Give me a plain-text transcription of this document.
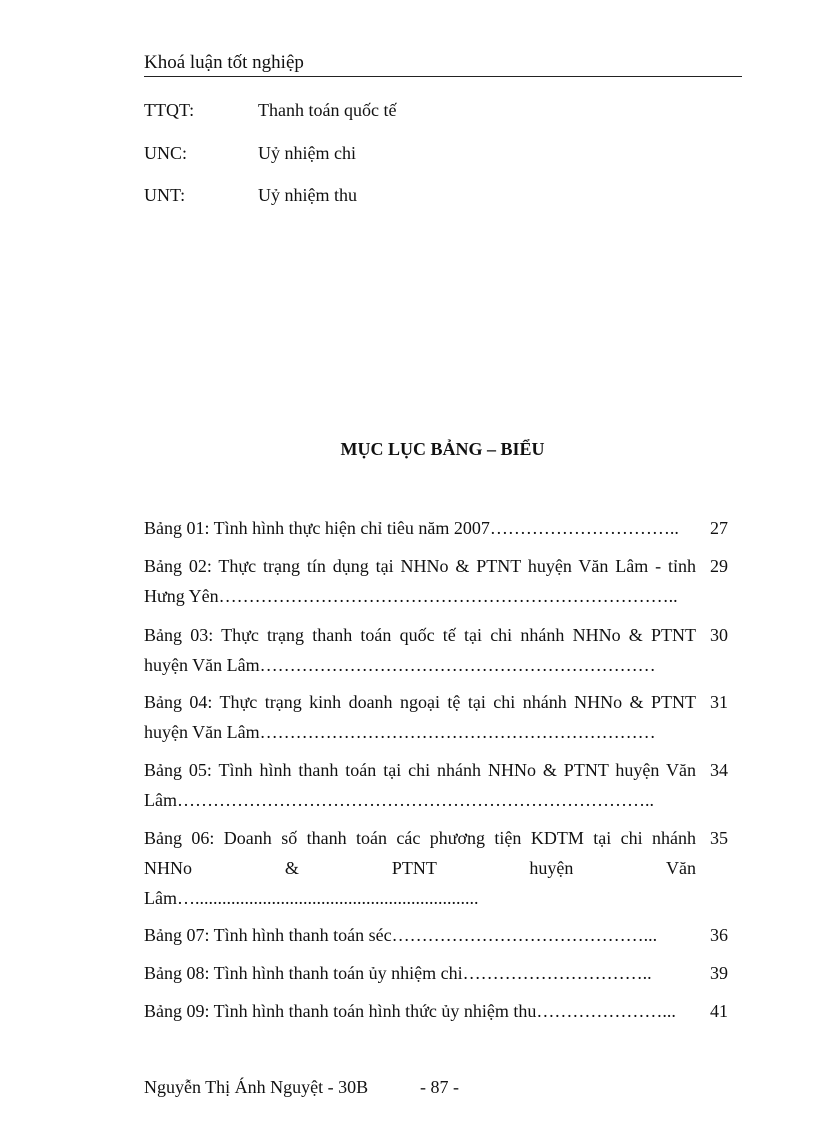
Khoá luận tốt nghiệp
TTQT:	Thanh toán quốc tế
UNC:	Uỷ nhiệm chi
UNT:	Uỷ nhiệm thu
MỤC LỤC BẢNG – BIỂU
Bảng 01: Tình hình thực hiện chỉ tiêu năm 2007…………………………..	27
Bảng 02: Thực trạng tín dụng tại NHNo & PTNT huyện Văn Lâm - tỉnh
Hưng Yên…………………………………………………………………..
29
Bảng 03: Thực trạng thanh toán quốc tế tại chi nhánh NHNo & PTNT
huyện Văn Lâm…………………………………………………………
30
Bảng 04: Thực trạng kinh doanh ngoại tệ tại chi nhánh NHNo & PTNT
huyện Văn Lâm…………………………………………………………
31
Bảng 05: Tình hình thanh toán tại chi nhánh NHNo & PTNT huyện Văn
Lâm……………………………………………………………………..
34
Bảng 06: Doanh số thanh toán các phương tiện KDTM tại chi nhánh
NHNo & PTNT huyện Văn
Lâm…...............................................................
35
Bảng 07: Tình hình thanh toán séc……………………………………...	36
Bảng 08: Tình hình thanh toán ủy nhiệm chi…………………………..	39
Bảng 09: Tình hình thanh toán hình thức ủy nhiệm thu…………………...	41
Nguyễn Thị Ánh Nguyệt - 30B	- 87 -
